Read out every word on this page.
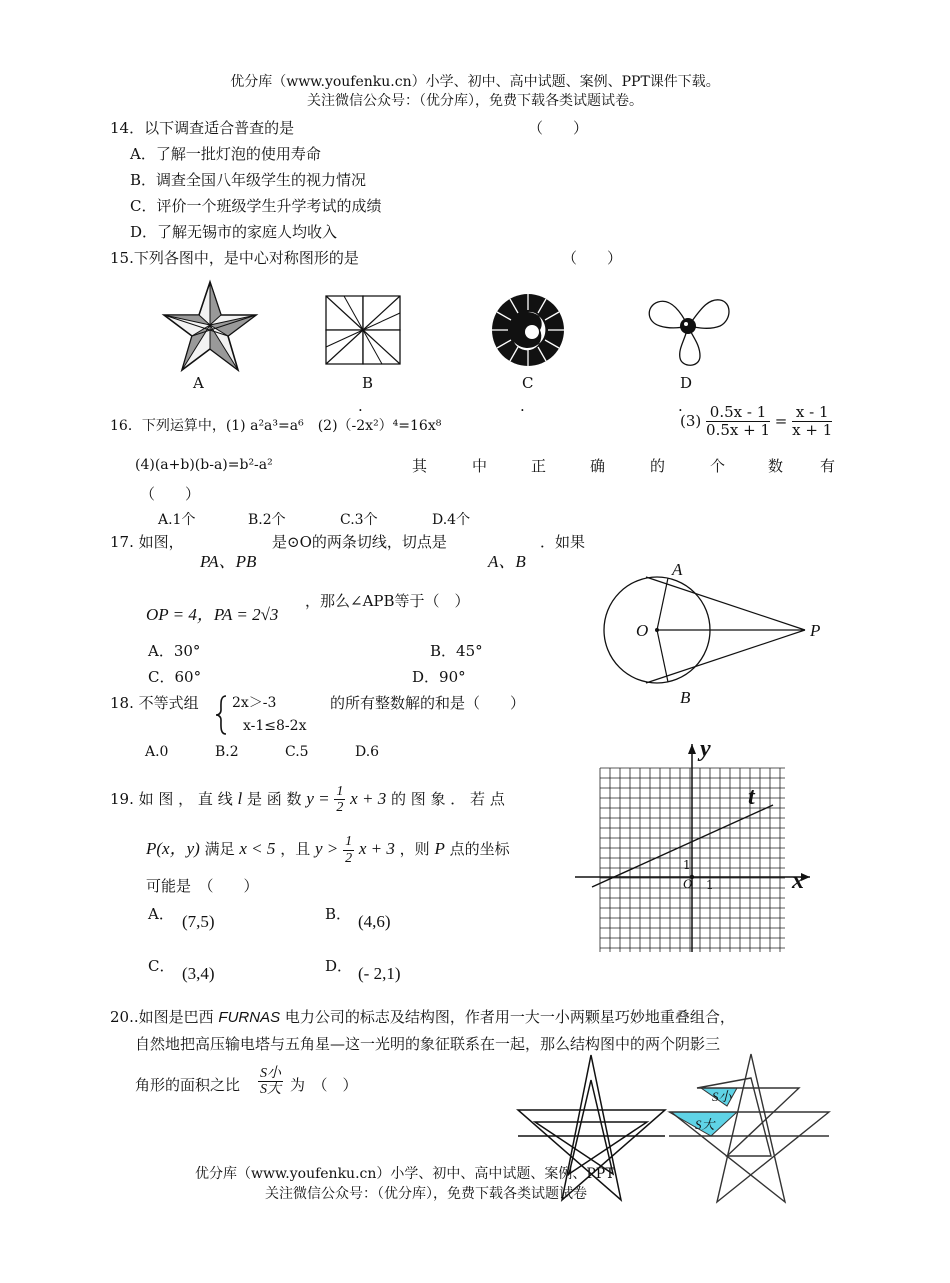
优分库（www.youfenku.cn）小学、初中、高中试题、案例、PPT课件下载。
关注微信公众号：（优分库），免费下载各类试题试卷。
14．以下调查适合普查的是	（　　）
A．了解一批灯泡的使用寿命
B．调查全国八年级学生的视力情况
C．评价一个班级学生升学考试的成绩
D．了解无锡市的家庭人均收入
15.下列各图中，是中心对称图形的是	（　　）
A	B	C	D
.	.	.
16．下列运算中，(1) a²a³=a⁶　(2)（-2x²）⁴=16x⁸	$(3) \frac{0.5x - 1}{0.5x + 1} = \frac{x - 1}{x + 1}$
(4)(a+b)(b-a)=b²-a²	其	中	正	确	的	个	数 有
（　　）
A.1个	B.2个	C.3个	D.4个
17. 如图，
PA、PB
是⊙O的两条切线，切点是
A、B
．如果
OP = 4，PA = 2√3
，那么∠APB等于（　）
A．30°	B．45°
C．60°	D．90°
A
O	P
B
18. 不等式组 2x＞-3
x-1≤8-2x
的所有整数解的和是（　　）
A.0	B.2	C.5	D.6
19. 如 图 ， 直 线 l 是 函 数 $y = \frac{1}{2}$ x + 3 的 图 象 ． 若 点
P(x，y) 满足 x < 5 ，且 $y > \frac{1}{2}$ x + 3 ，则 P 点的坐标
可能是　（　　）
A． (7,5)	B． (4,6)
C． (3,4)	D． (- 2,1)
y
x
t
1
O 1
20..如图是巴西 FURNAS 电力公司的标志及结构图，作者用一大一小两颗星巧妙地重叠组合，
自然地把高压输电塔与五角星—这一光明的象征联系在一起，那么结构图中的两个阴影三
角形的面积之比
S小
S大 为　（　）
S小
S大
优分库（www.youfenku.cn）小学、初中、高中试题、案例、PPT
关注微信公众号：（优分库），免费下载各类试题试卷
